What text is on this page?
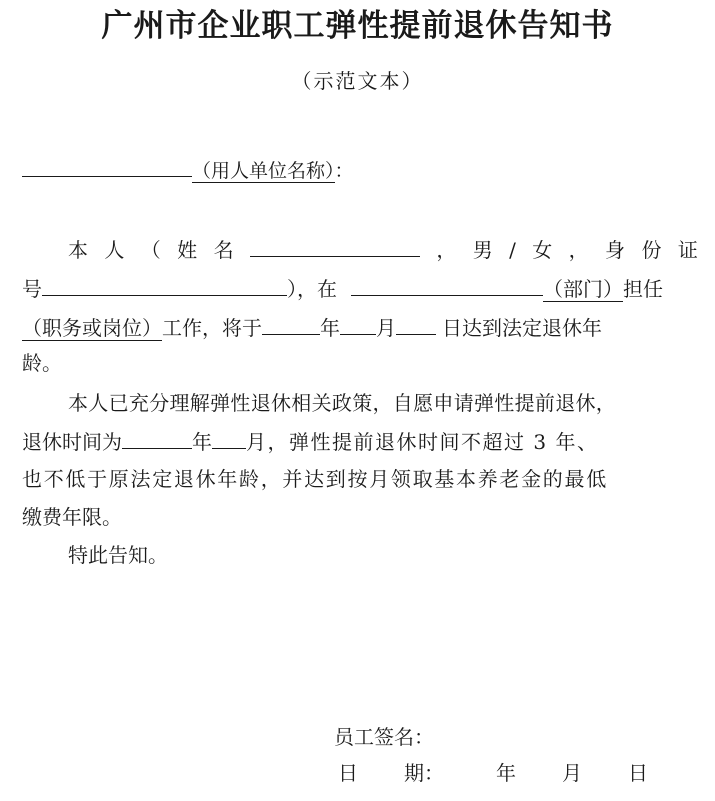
广州市企业职工弹性提前退休告知书
（示范文本）
（用人单位名称）：
本 人 （ 姓 名	， 男 / 女 ， 身 份 证
号	），在	（部门）担任
（职务或岗位）工作，将于	年 月 日达到法定退休年
龄。
本人已充分理解弹性退休相关政策，自愿申请弹性提前退休，
退休时间为	年 月，弹性提前退休时间不超过 3 年、
也不低于原法定退休年龄，并达到按月领取基本养老金的最低
缴费年限。
特此告知。
员工签名：
日 期：	年 月 日
